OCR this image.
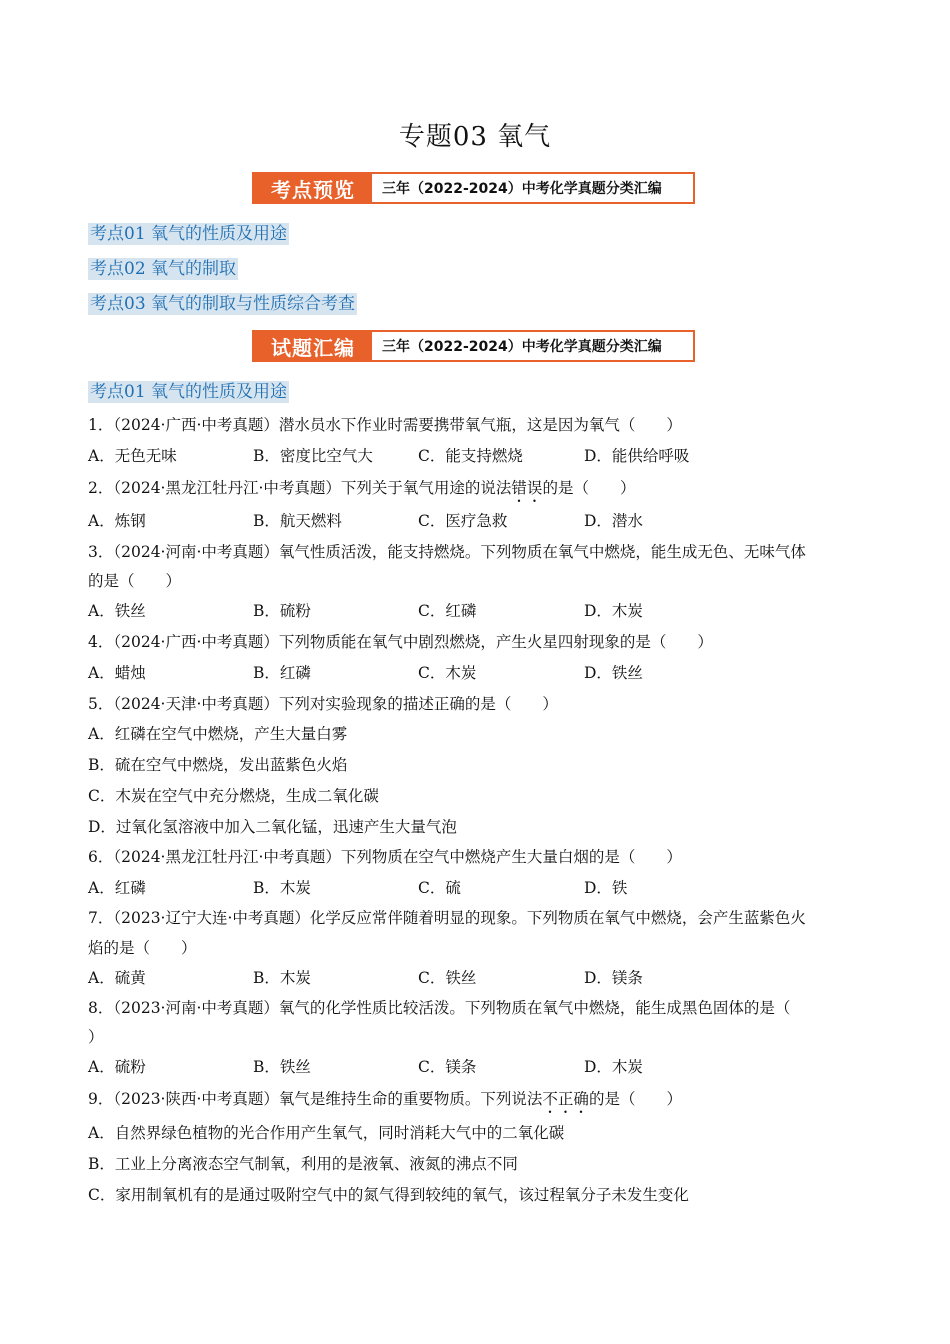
专题03 氧气
考点预览	三年（2022-2024）中考化学真题分类汇编
考点01 氧气的性质及用途
考点02 氧气的制取
考点03 氧气的制取与性质综合考查
试题汇编	三年（2022-2024）中考化学真题分类汇编
考点01 氧气的性质及用途
1．（2024·广西·中考真题）潜水员水下作业时需要携带氧气瓶，这是因为氧气（　　）
A．无色无味	B．密度比空气大	C．能支持燃烧	D．能供给呼吸
2．（2024·黑龙江牡丹江·中考真题）下列关于氧气用途的说法错误的是（　　）
A．炼钢	B．航天燃料	C．医疗急救	D．潜水
3．（2024·河南·中考真题）氧气性质活泼，能支持燃烧。下列物质在氧气中燃烧，能生成无色、无味气体
的是（　　）
A．铁丝	B．硫粉	C．红磷	D．木炭
4．（2024·广西·中考真题）下列物质能在氧气中剧烈燃烧，产生火星四射现象的是（　　）
A．蜡烛	B．红磷	C．木炭	D．铁丝
5．（2024·天津·中考真题）下列对实验现象的描述正确的是（　　）
A．红磷在空气中燃烧，产生大量白雾
B．硫在空气中燃烧，发出蓝紫色火焰
C．木炭在空气中充分燃烧，生成二氧化碳
D．过氧化氢溶液中加入二氧化锰，迅速产生大量气泡
6．（2024·黑龙江牡丹江·中考真题）下列物质在空气中燃烧产生大量白烟的是（　　）
A．红磷	B．木炭	C．硫	D．铁
7．（2023·辽宁大连·中考真题）化学反应常伴随着明显的现象。下列物质在氧气中燃烧，会产生蓝紫色火
焰的是（　　）
A．硫黄	B．木炭	C．铁丝	D．镁条
8．（2023·河南·中考真题）氧气的化学性质比较活泼。下列物质在氧气中燃烧，能生成黑色固体的是（
）
A．硫粉	B．铁丝	C．镁条	D．木炭
9．（2023·陕西·中考真题）氧气是维持生命的重要物质。下列说法不正确的是（　　）
A．自然界绿色植物的光合作用产生氧气，同时消耗大气中的二氧化碳
B．工业上分离液态空气制氧，利用的是液氧、液氮的沸点不同
C．家用制氧机有的是通过吸附空气中的氮气得到较纯的氧气，该过程氧分子未发生变化
